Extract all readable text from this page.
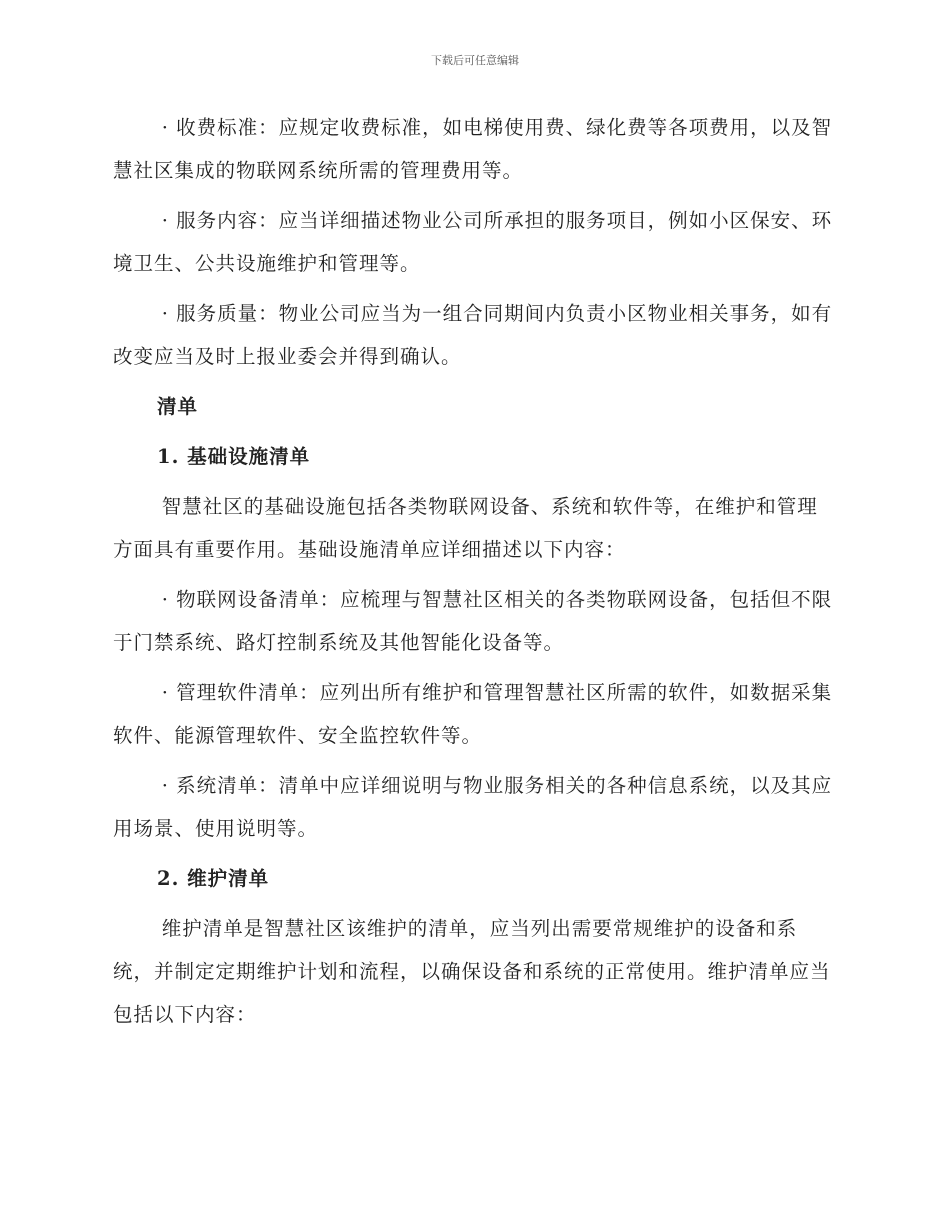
下载后可任意编辑

· 收费标准：应规定收费标准，如电梯使用费、绿化费等各项费用，以及智慧社区集成的物联网系统所需的管理费用等。

· 服务内容：应当详细描述物业公司所承担的服务项目，例如小区保安、环境卫生、公共设施维护和管理等。

· 服务质量：物业公司应当为一组合同期间内负责小区物业相关事务，如有改变应当及时上报业委会并得到确认。

清单

1. 基础设施清单

智慧社区的基础设施包括各类物联网设备、系统和软件等，在维护和管理方面具有重要作用。基础设施清单应详细描述以下内容：

· 物联网设备清单：应梳理与智慧社区相关的各类物联网设备，包括但不限于门禁系统、路灯控制系统及其他智能化设备等。

· 管理软件清单：应列出所有维护和管理智慧社区所需的软件，如数据采集软件、能源管理软件、安全监控软件等。

· 系统清单：清单中应详细说明与物业服务相关的各种信息系统，以及其应用场景、使用说明等。

2. 维护清单

维护清单是智慧社区该维护的清单，应当列出需要常规维护的设备和系统，并制定定期维护计划和流程，以确保设备和系统的正常使用。维护清单应当包括以下内容：
